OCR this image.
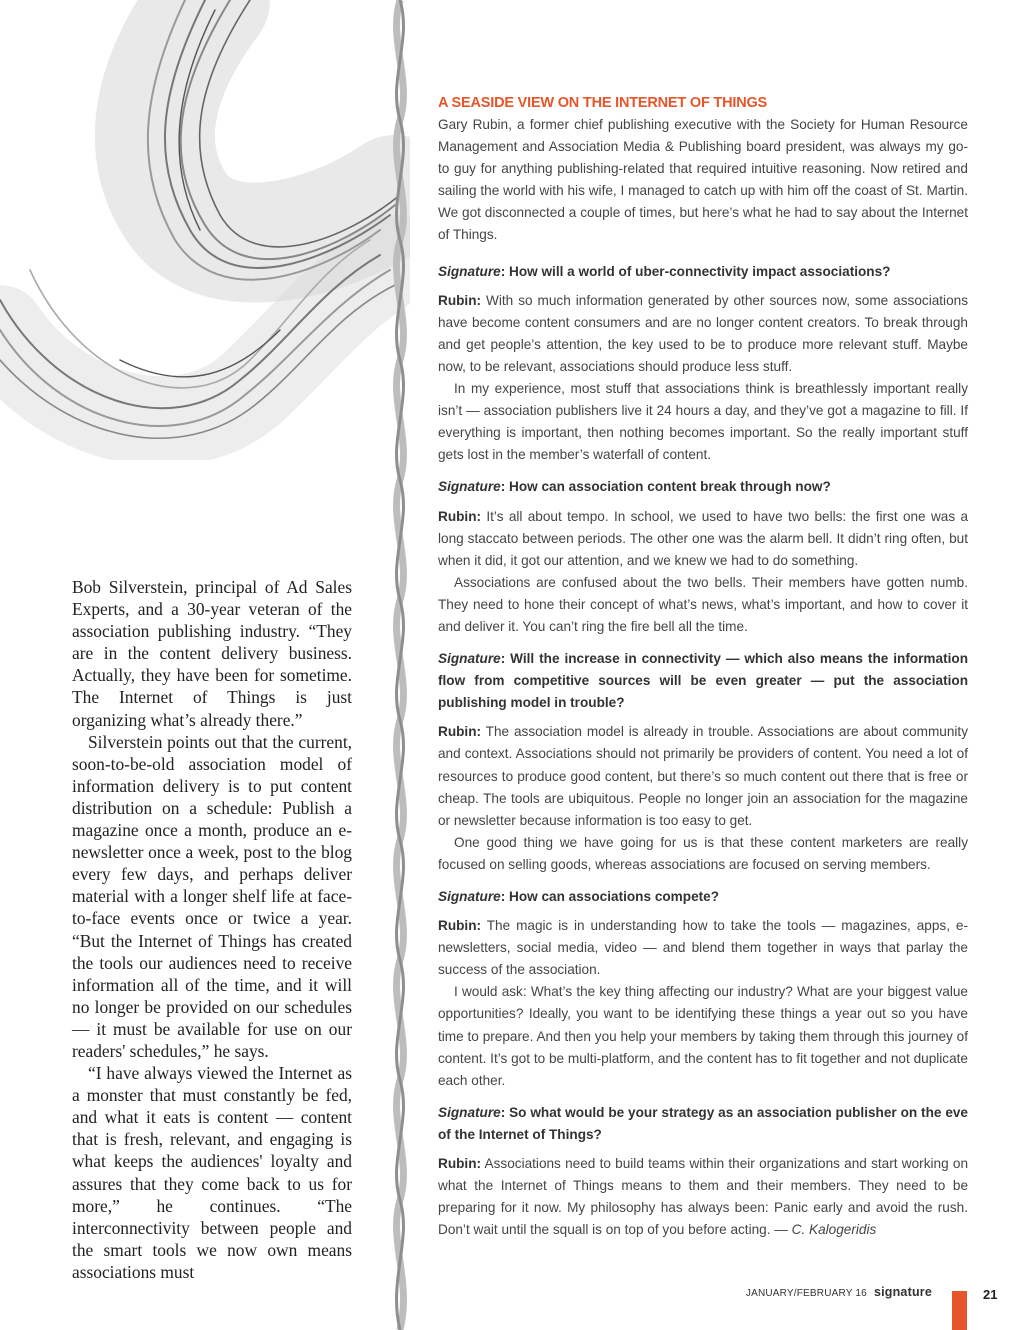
Bob Silverstein, principal of Ad Sales Experts, and a 30-year veteran of the association publishing industry. “They are in the content delivery business. Actually, they have been for sometime. The Internet of Things is just organizing what’s already there.”

Silverstein points out that the current, soon-to-be-old association model of information delivery is to put content distribution on a schedule: Publish a magazine once a month, produce an e-newsletter once a week, post to the blog every few days, and perhaps deliver material with a longer shelf life at face-to-face events once or twice a year. “But the Internet of Things has created the tools our audiences need to receive information all of the time, and it will no longer be provided on our schedules — it must be available for use on our readers' schedules,” he says.

“I have always viewed the Internet as a monster that must constantly be fed, and what it eats is content — content that is fresh, relevant, and engaging is what keeps the audiences' loyalty and assures that they come back to us for more,” he continues. “The interconnectivity between people and the smart tools we now own means associations must

A SEASIDE VIEW ON THE INTERNET OF THINGS

Gary Rubin, a former chief publishing executive with the Society for Human Resource Management and Association Media & Publishing board president, was always my go-to guy for anything publishing-related that required intuitive reasoning. Now retired and sailing the world with his wife, I managed to catch up with him off the coast of St. Martin. We got disconnected a couple of times, but here’s what he had to say about the Internet of Things.

Signature: How will a world of uber-connectivity impact associations?

Rubin: With so much information generated by other sources now, some associations have become content consumers and are no longer content creators. To break through and get people’s attention, the key used to be to produce more relevant stuff. Maybe now, to be relevant, associations should produce less stuff.

In my experience, most stuff that associations think is breathlessly important really isn’t — association publishers live it 24 hours a day, and they’ve got a magazine to fill. If everything is important, then nothing becomes important. So the really important stuff gets lost in the member’s waterfall of content.

Signature: How can association content break through now?

Rubin: It’s all about tempo. In school, we used to have two bells: the first one was a long staccato between periods. The other one was the alarm bell. It didn’t ring often, but when it did, it got our attention, and we knew we had to do something.

Associations are confused about the two bells. Their members have gotten numb. They need to hone their concept of what’s news, what’s important, and how to cover it and deliver it. You can’t ring the fire bell all the time.

Signature: Will the increase in connectivity — which also means the information flow from competitive sources will be even greater — put the association publishing model in trouble?

Rubin: The association model is already in trouble. Associations are about community and context. Associations should not primarily be providers of content. You need a lot of resources to produce good content, but there’s so much content out there that is free or cheap. The tools are ubiquitous. People no longer join an association for the magazine or newsletter because information is too easy to get.

One good thing we have going for us is that these content marketers are really focused on selling goods, whereas associations are focused on serving members.

Signature: How can associations compete?

Rubin: The magic is in understanding how to take the tools — magazines, apps, e-newsletters, social media, video — and blend them together in ways that parlay the success of the association.

I would ask: What’s the key thing affecting our industry? What are your biggest value opportunities? Ideally, you want to be identifying these things a year out so you have time to prepare. And then you help your members by taking them through this journey of content. It’s got to be multi-platform, and the content has to fit together and not duplicate each other.

Signature: So what would be your strategy as an association publisher on the eve of the Internet of Things?

Rubin: Associations need to build teams within their organizations and start working on what the Internet of Things means to them and their members. They need to be preparing for it now. My philosophy has always been: Panic early and avoid the rush. Don’t wait until the squall is on top of you before acting. — C. Kalogeridis

JANUARY/FEBRUARY 16 signature	21
